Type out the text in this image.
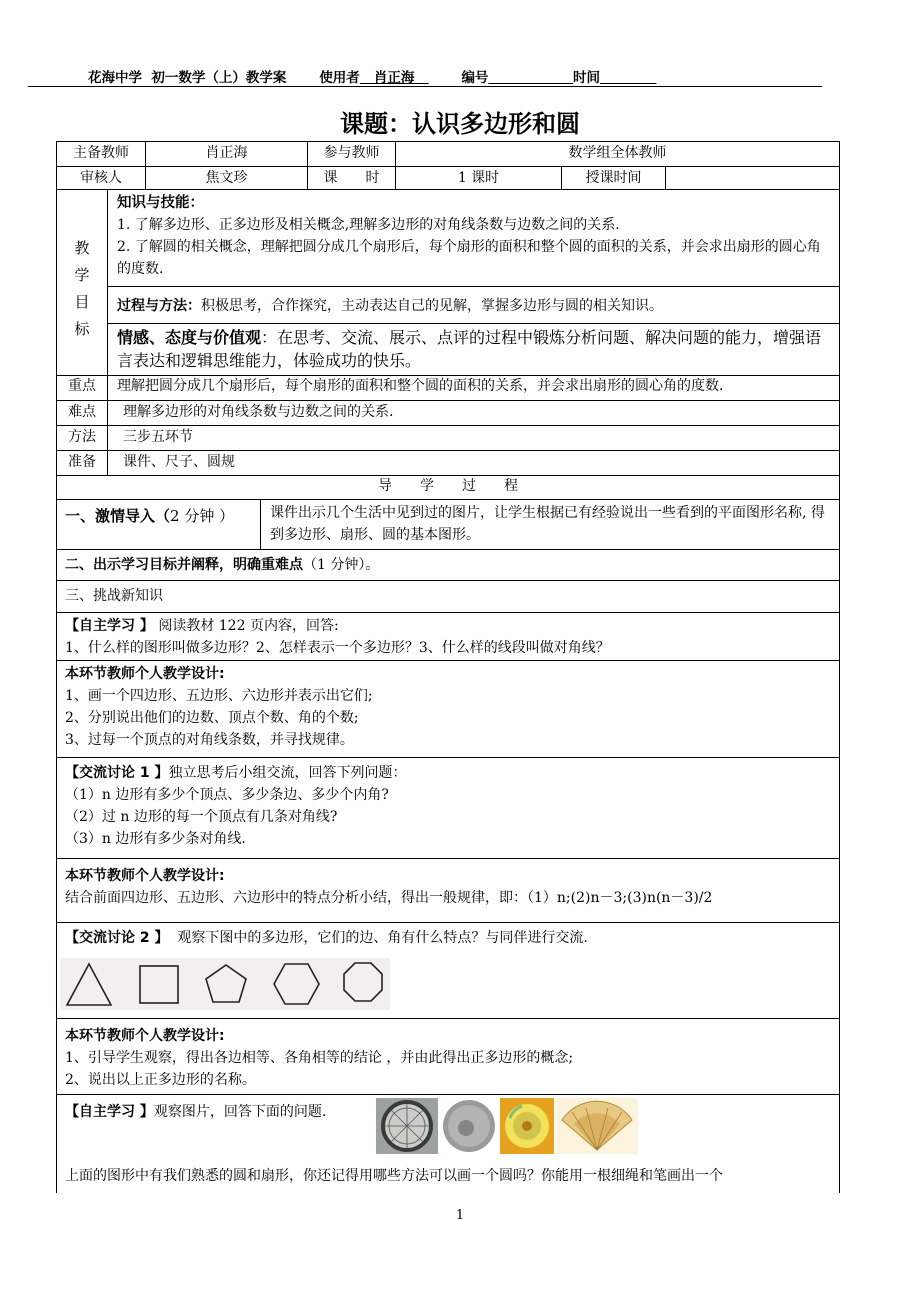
花海中学 初一数学（上）教学案 使用者 肖正海	编号	时间
课题：认识多边形和圆
主备教师	肖正海	参与教师	数学组全体教师
审核人	焦文珍	课　　时	1 课时	授课时间

教

学

目

标

知识与技能：

1. 了解多边形、正多边形及相关概念,理解多边形的对角线条数与边数之间的关系.

2. 了解圆的相关概念，理解把圆分成几个扇形后，每个扇形的面积和整个圆的面积的关系，并会求出扇形的圆心角的度数.

过程与方法：积极思考，合作探究，主动表达自己的见解，掌握多边形与圆的相关知识。
情感、态度与价值观：在思考、交流、展示、点评的过程中锻炼分析问题、解决问题的能力，增强语言表达和逻辑思维能力，体验成功的快乐。
重点	理解把圆分成几个扇形后，每个扇形的面积和整个圆的面积的关系，并会求出扇形的圆心角的度数.
难点	理解多边形的对角线条数与边数之间的关系.
方法	三步五环节
准备	课件、尺子、圆规
导　　学　　过　　程
一、激情导入（2 分钟 ）	课件出示几个生活中见到过的图片，让学生根据已有经验说出一些看到的平面图形名称, 得到多边形、扇形、圆的基本图形。
二、出示学习目标并阐释，明确重难点（1 分钟）。
三、挑战新知识

【自主学习 】 阅读教材 122 页内容，回答:

1、什么样的图形叫做多边形？2、怎样表示一个多边形？3、什么样的线段叫做对角线？

本环节教师个人教学设计:

1、画一个四边形、五边形、六边形并表示出它们;

2、分别说出他们的边数、顶点个数、角的个数;

3、过每一个顶点的对角线条数，并寻找规律。

【交流讨论 1 】独立思考后小组交流，回答下列问题：

（1）n 边形有多少个顶点、多少条边、多少个内角?

（2）过 n 边形的每一个顶点有几条对角线?

（3）n 边形有多少条对角线.

本环节教师个人教学设计:

结合前面四边形、五边形、六边形中的特点分析小结，得出一般规律，即：（1）n;(2)n－3;(3)n(n－3)/2

【交流讨论 2 】 观察下图中的多边形，它们的边、角有什么特点？与同伴进行交流.

本环节教师个人教学设计:

1、引导学生观察，得出各边相等、各角相等的结论 ，并由此得出正多边形的概念;

2、说出以上正多边形的名称。

【自主学习 】观察图片，回答下面的问题.

上面的图形中有我们熟悉的圆和扇形，你还记得用哪些方法可以画一个圆吗？你能用一根细绳和笔画出一个

1
